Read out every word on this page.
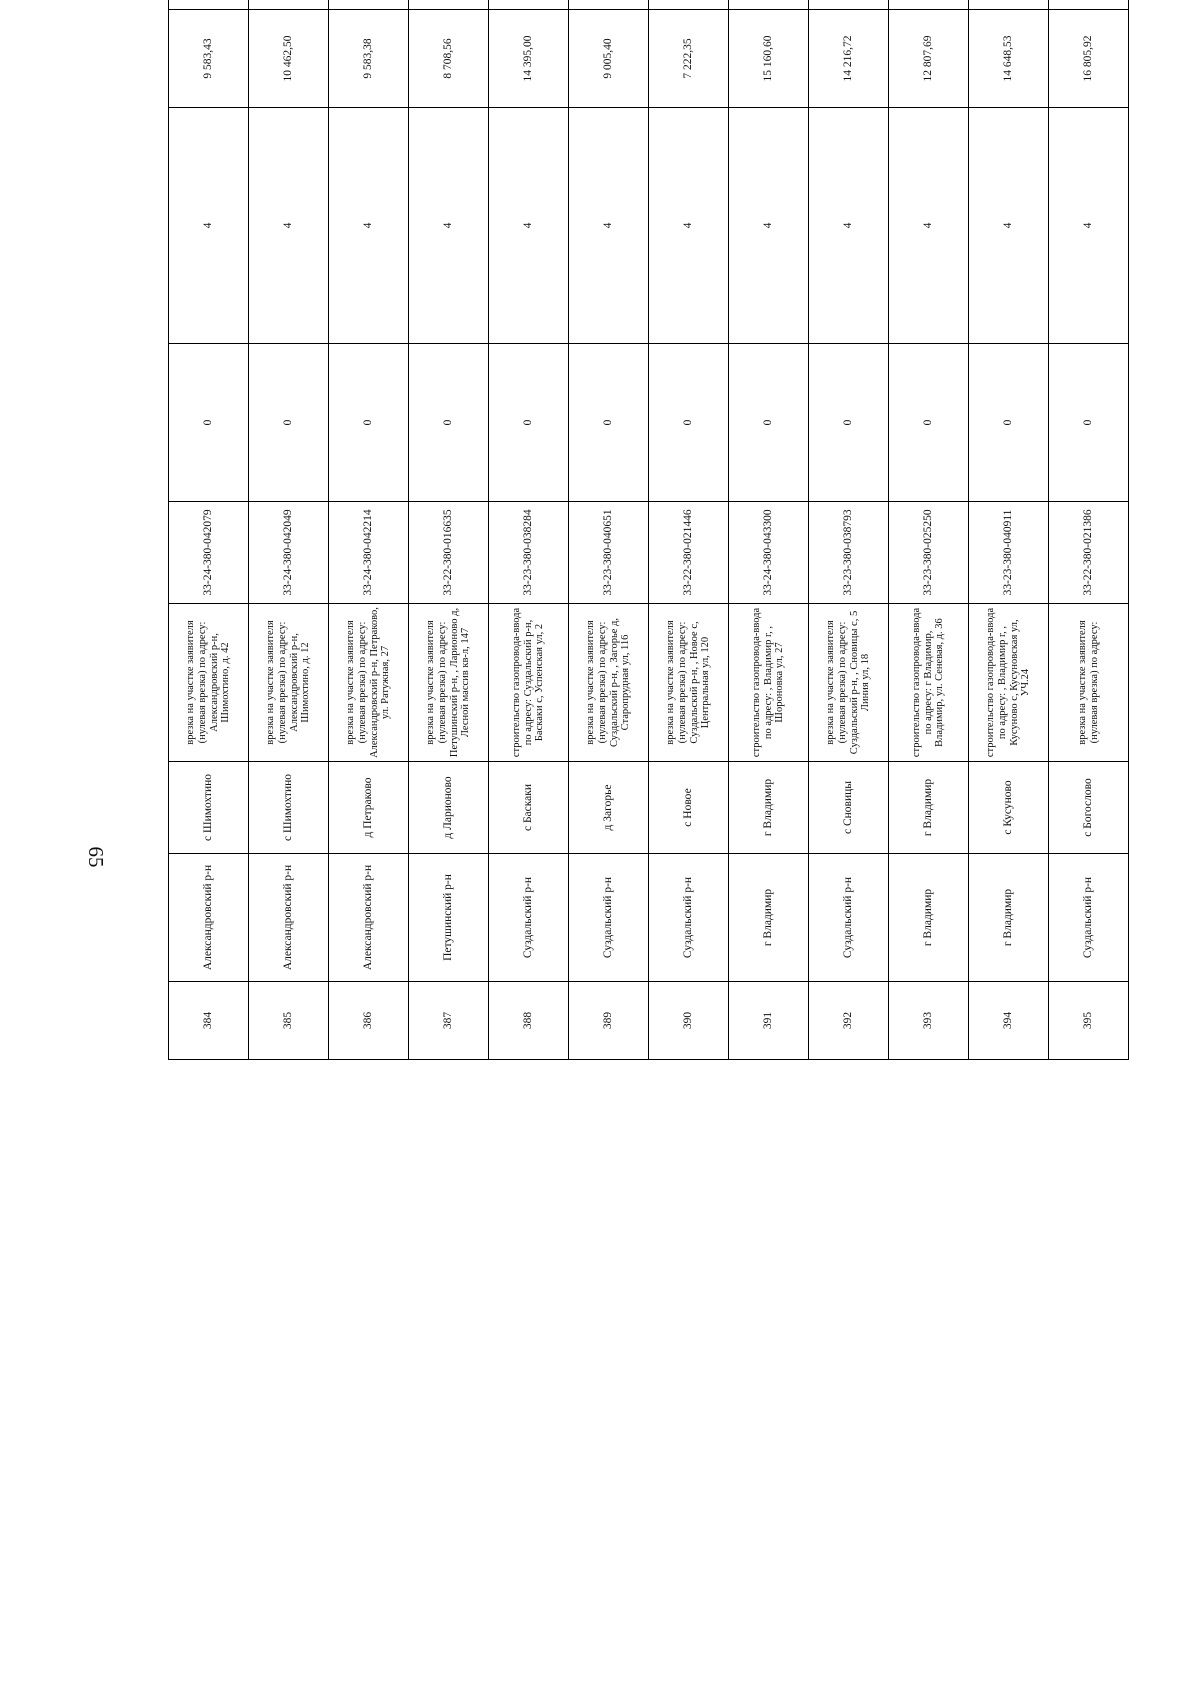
65
384	Александровский р-н	с Шимохтино	врезка на участке заявителя (нулевая врезка) по адресу: Александровский р-н, Шимохтино, д. 42	33-24-380-042079	0	4	9 583,43					
385	Александровский р-н	с Шимохтино	врезка на участке заявителя (нулевая врезка) по адресу: Александровский р-н, Шимохтино, д. 12	33-24-380-042049	0	4	10 462,50					
386	Александровский р-н	д Петраково	врезка на участке заявителя (нулевая врезка) по адресу: Александровский р-н, Петраково, ул. Ратужная, 27	33-24-380-042214	0	4	9 583,38					
387	Петушинский р-н	д Ларионово	врезка на участке заявителя (нулевая врезка) по адресу: Петушинский р-н, , Ларионово д, Лесной массив кв-л, 147	33-22-380-016635	0	4	8 708,56					
388	Суздальский р-н	с Баскаки	строительство газопровода-ввода по адресу: Суздальский р-н, Баскаки с, Успенская ул, 2	33-23-380-038284	0	4	14 395,00					
389	Суздальский р-н	д Загорье	врезка на участке заявителя (нулевая врезка) по адресу: Суздальский р-н, , Загорье д, Старопрудная ул, 116	33-23-380-040651	0	4	9 005,40					
390	Суздальский р-н	с Новое	врезка на участке заявителя (нулевая врезка) по адресу: Суздальский р-н, , Новое с, Центральная ул, 120	33-22-380-021446	0	4	7 222,35					
391	г Владимир	г Владимир	строительство газопровода-ввода по адресу: , Владимир г, , Шороновка ул, 27	33-24-380-043300	0	4	15 160,60					
392	Суздальский р-н	с Сновицы	врезка на участке заявителя (нулевая врезка) по адресу: Суздальский р-н, , Сновицы с, 5 Линия ул, 18	33-23-380-038793	0	4	14 216,72					
393	г Владимир	г Владимир	строительство газопровода-ввода по адресу: г Владимир, Владимир, ул. Сеневая, д. 36	33-23-380-025250	0	4	12 807,69					
394	г Владимир	с Кусуново	строительство газопровода-ввода по адресу: , Владимир г, , Кусуново с, Кусуновская ул, УЧ.24	33-23-380-040911	0	4	14 648,53					
395	Суздальский р-н	с Богослово	врезка на участке заявителя (нулевая врезка) по адресу:	33-22-380-021386	0	4	16 805,92					
